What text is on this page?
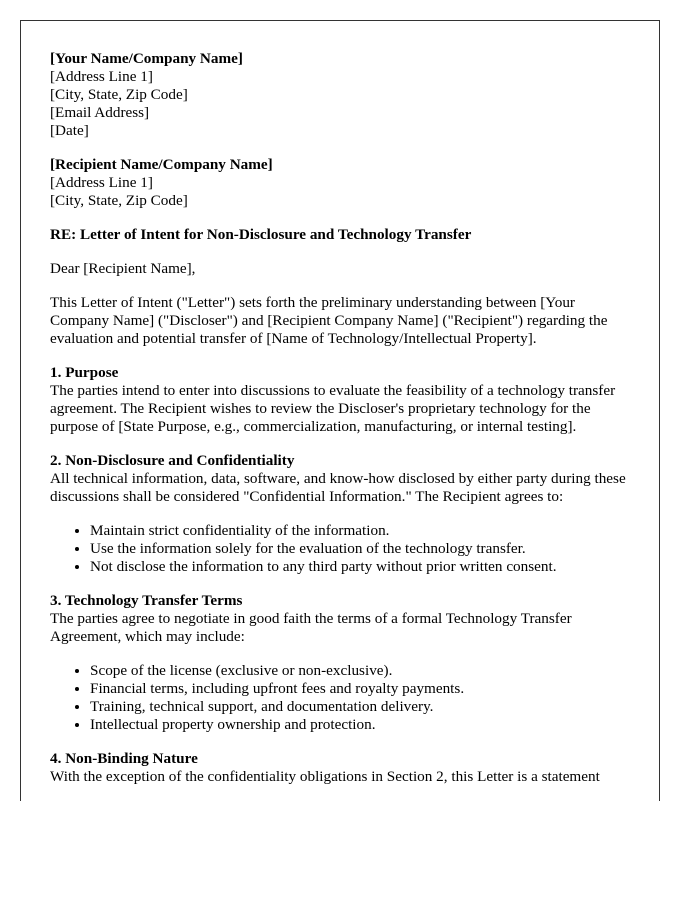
[Your Name/Company Name]
[Address Line 1]
[City, State, Zip Code]
[Email Address]
[Date]
[Recipient Name/Company Name]
[Address Line 1]
[City, State, Zip Code]

RE: Letter of Intent for Non-Disclosure and Technology Transfer

Dear [Recipient Name],

This Letter of Intent ("Letter") sets forth the preliminary understanding between [Your Company Name] ("Discloser") and [Recipient Company Name] ("Recipient") regarding the evaluation and potential transfer of [Name of Technology/Intellectual Property].

1. Purpose

The parties intend to enter into discussions to evaluate the feasibility of a technology transfer agreement. The Recipient wishes to review the Discloser's proprietary technology for the purpose of [State Purpose, e.g., commercialization, manufacturing, or internal testing].

2. Non-Disclosure and Confidentiality

All technical information, data, software, and know-how disclosed by either party during these discussions shall be considered "Confidential Information." The Recipient agrees to:

• Maintain strict confidentiality of the information.
• Use the information solely for the evaluation of the technology transfer.
• Not disclose the information to any third party without prior written consent.
3. Technology Transfer Terms

The parties agree to negotiate in good faith the terms of a formal Technology Transfer Agreement, which may include:

• Scope of the license (exclusive or non-exclusive).
• Financial terms, including upfront fees and royalty payments.
• Training, technical support, and documentation delivery.
• Intellectual property ownership and protection.
4. Non-Binding Nature

With the exception of the confidentiality obligations in Section 2, this Letter is a statement
